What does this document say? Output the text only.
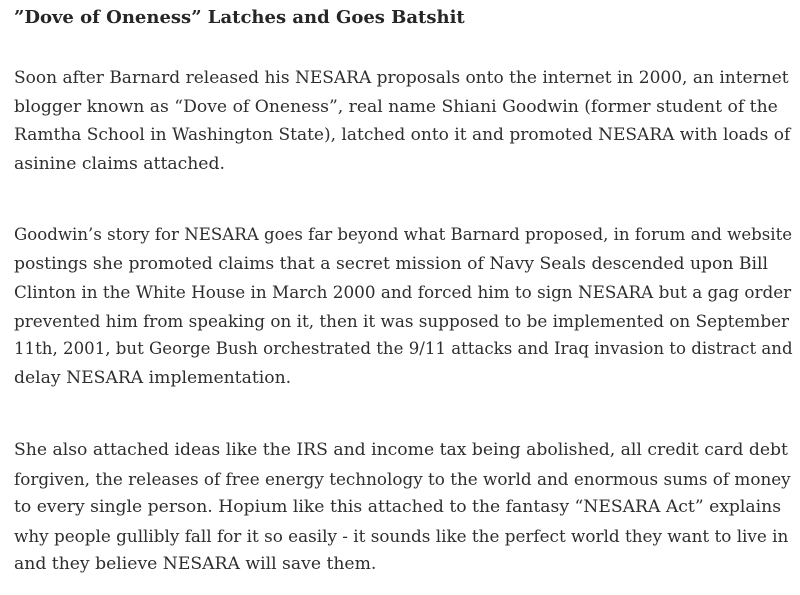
”Dove of Oneness” Latches and Goes Batshit

Soon after Barnard released his NESARA proposals onto the internet in 2000, an internet
blogger known as “Dove of Oneness”, real name Shiani Goodwin (former student of the
Ramtha School in Washington State), latched onto it and promoted NESARA with loads of
asinine claims attached.

Goodwin’s story for NESARA goes far beyond what Barnard proposed, in forum and website
postings she promoted claims that a secret mission of Navy Seals descended upon Bill
Clinton in the White House in March 2000 and forced him to sign NESARA but a gag order
prevented him from speaking on it, then it was supposed to be implemented on September
11th, 2001, but George Bush orchestrated the 9/11 attacks and Iraq invasion to distract and
delay NESARA implementation.

She also attached ideas like the IRS and income tax being abolished, all credit card debt
forgiven, the releases of free energy technology to the world and enormous sums of money
to every single person. Hopium like this attached to the fantasy “NESARA Act” explains
why people gullibly fall for it so easily - it sounds like the perfect world they want to live in
and they believe NESARA will save them.
